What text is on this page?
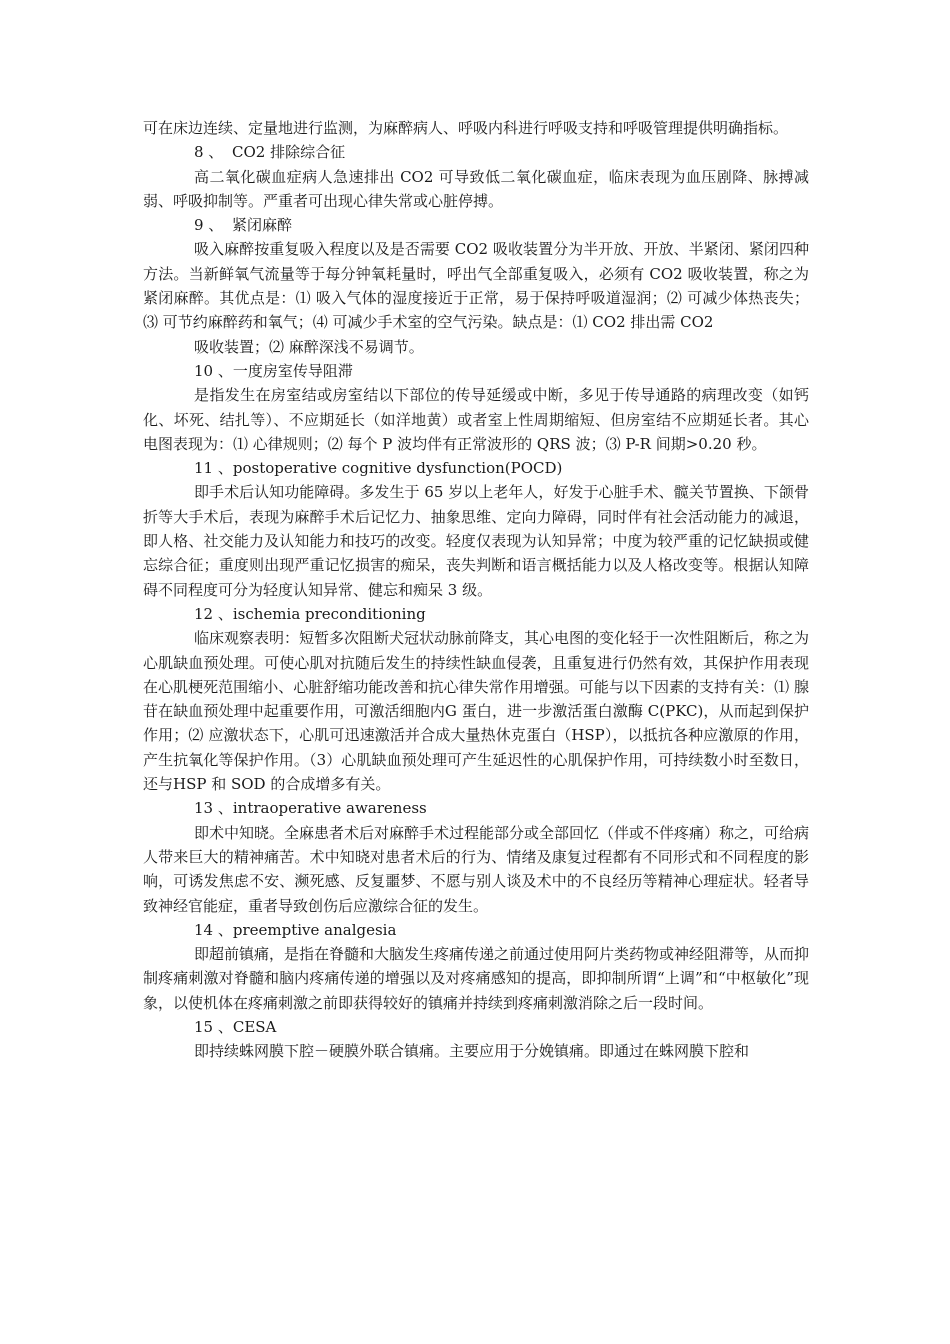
可在床边连续、定量地进行监测，为麻醉病人、呼吸内科进行呼吸支持和呼吸管理提供明确指标。

8 、 CO2 排除综合征

高二氧化碳血症病人急速排出 CO2 可导致低二氧化碳血症，临床表现为血压剧降、脉搏减弱、呼吸抑制等。严重者可出现心律失常或心脏停搏。

9 、 紧闭麻醉

吸入麻醉按重复吸入程度以及是否需要 CO2 吸收装置分为半开放、开放、半紧闭、紧闭四种方法。当新鲜氧气流量等于每分钟氧耗量时，呼出气全部重复吸入，必须有 CO2 吸收装置，称之为紧闭麻醉。其优点是：⑴ 吸入气体的湿度接近于正常，易于保持呼吸道湿润；⑵ 可减少体热丧失；⑶ 可节约麻醉药和氧气；⑷ 可减少手术室的空气污染。缺点是：⑴ CO2 排出需 CO2

吸收装置；⑵ 麻醉深浅不易调节。

10 、一度房室传导阻滞

是指发生在房室结或房室结以下部位的传导延缓或中断，多见于传导通路的病理改变（如钙化、坏死、结扎等）、不应期延长（如洋地黄）或者室上性周期缩短、但房室结不应期延长者。其心电图表现为：⑴ 心律规则；⑵ 每个 P 波均伴有正常波形的 QRS 波；⑶ P-R 间期>0.20 秒。

11 、postoperative cognitive dysfunction(POCD)

即手术后认知功能障碍。多发生于 65 岁以上老年人，好发于心脏手术、髋关节置换、下颌骨折等大手术后，表现为麻醉手术后记忆力、抽象思维、定向力障碍，同时伴有社会活动能力的减退，即人格、社交能力及认知能力和技巧的改变。轻度仅表现为认知异常；中度为较严重的记忆缺损或健忘综合征；重度则出现严重记忆损害的痴呆，丧失判断和语言概括能力以及人格改变等。根据认知障碍不同程度可分为轻度认知异常、健忘和痴呆 3 级。

12 、ischemia preconditioning

临床观察表明：短暂多次阻断犬冠状动脉前降支，其心电图的变化轻于一次性阻断后，称之为心肌缺血预处理。可使心肌对抗随后发生的持续性缺血侵袭，且重复进行仍然有效，其保护作用表现在心肌梗死范围缩小、心脏舒缩功能改善和抗心律失常作用增强。可能与以下因素的支持有关：⑴ 腺苷在缺血预处理中起重要作用，可激活细胞内G 蛋白，进一步激活蛋白激酶 C(PKC)，从而起到保护作用；⑵ 应激状态下，心肌可迅速激活并合成大量热休克蛋白（HSP），以抵抗各种应激原的作用，产生抗氧化等保护作用。（3）心肌缺血预处理可产生延迟性的心肌保护作用，可持续数小时至数日，还与HSP 和 SOD 的合成增多有关。

13 、intraoperative awareness

即术中知晓。全麻患者术后对麻醉手术过程能部分或全部回忆（伴或不伴疼痛）称之，可给病人带来巨大的精神痛苦。术中知晓对患者术后的行为、情绪及康复过程都有不同形式和不同程度的影响，可诱发焦虑不安、濒死感、反复噩梦、不愿与别人谈及术中的不良经历等精神心理症状。轻者导致神经官能症，重者导致创伤后应激综合征的发生。

14 、preemptive analgesia

即超前镇痛，是指在脊髓和大脑发生疼痛传递之前通过使用阿片类药物或神经阻滞等，从而抑制疼痛刺激对脊髓和脑内疼痛传递的增强以及对疼痛感知的提高，即抑制所谓“上调”和“中枢敏化”现象，以使机体在疼痛刺激之前即获得较好的镇痛并持续到疼痛刺激消除之后一段时间。

15 、CESA

即持续蛛网膜下腔－硬膜外联合镇痛。主要应用于分娩镇痛。即通过在蛛网膜下腔和
